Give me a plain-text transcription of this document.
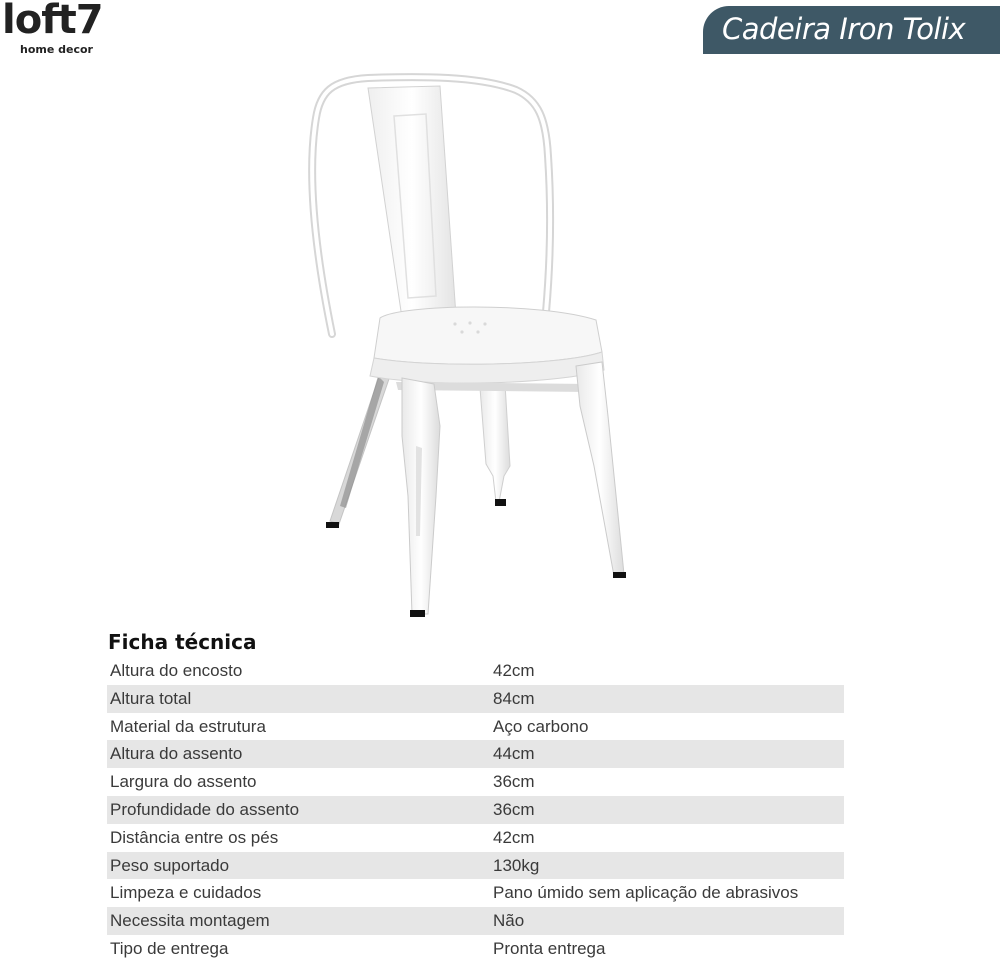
loft7
home decor
Cadeira Iron Tolix
Ficha técnica
Altura do encosto	42cm
Altura total	84cm
Material da estrutura	Aço carbono
Altura do assento	44cm
Largura do assento	36cm
Profundidade do assento	36cm
Distância entre os pés	42cm
Peso suportado	130kg
Limpeza e cuidados	Pano úmido sem aplicação de abrasivos
Necessita montagem	Não
Tipo de entrega	Pronta entrega
